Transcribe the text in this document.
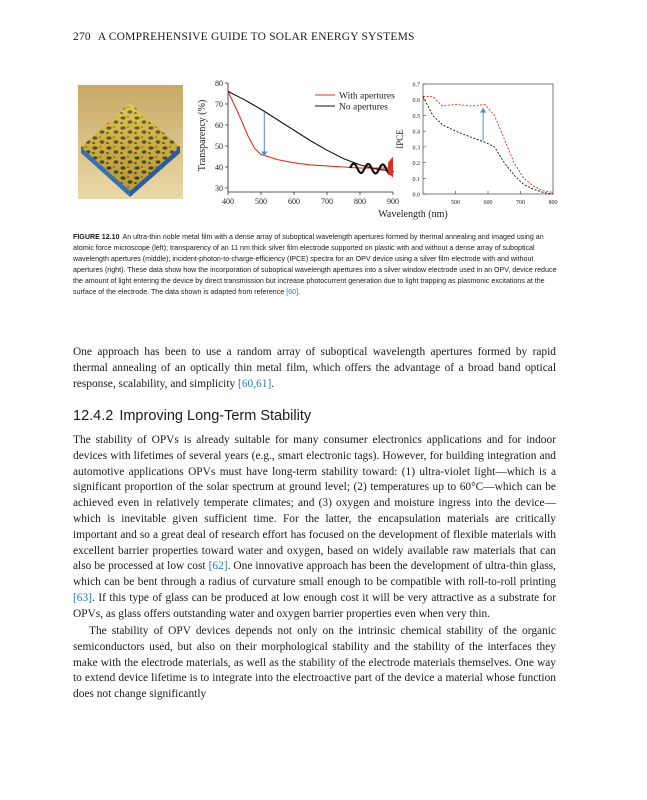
270 A COMPREHENSIVE GUIDE TO SOLAR ENERGY SYSTEMS
30
40
50
60
70
80
400	500	600	700	800	900
Transparency (%)
Wavelength (nm)
With apertures
No apertures
0.0
0.1
0.2
0.3
0.4
0.5
0.6
0.7
500	600	700	800
IPCE
FIGURE 12.10 An ultra-thin noble metal film with a dense array of suboptical wavelength apertures formed by thermal annealing and imaged using an atomic force microscope (left); transparency of an 11 nm thick silver film electrode supported on plastic with and without a dense array of suboptical wavelength apertures (middle); incident-photon-to-charge-efficiency (IPCE) spectra for an OPV device using a silver film electrode with and without apertures (right). These data show how the incorporation of suboptical wavelength apertures into a silver window electrode used in an OPV, device reduce the amount of light entering the device by direct transmission but increase photocurrent generation due to light trapping as plasmonic excitations at the surface of the electrode. The data shown is adapted from reference [60].

One approach has been to use a random array of suboptical wavelength apertures formed by rapid thermal annealing of an optically thin metal film, which offers the advantage of a broad band optical response, scalability, and simplicity [60,61].

12.4.2 Improving Long-Term Stability

The stability of OPVs is already suitable for many consumer electronics applications and for indoor devices with lifetimes of several years (e.g., smart electronic tags). However, for building integration and automotive applications OPVs must have long-term stability toward: (1) ultra-violet light—which is a significant proportion of the solar spectrum at ground level; (2) temperatures up to 60°C—which can be achieved even in relatively temperate climates; and (3) oxygen and moisture ingress into the device—which is inevitable given sufficient time. For the latter, the encapsulation materials are critically important and so a great deal of research effort has focused on the development of flexible materials with excellent barrier properties toward water and oxygen, based on widely available raw materials that can also be processed at low cost [62]. One innovative approach has been the development of ultra-thin glass, which can be bent through a radius of curvature small enough to be compatible with roll-to-roll printing [63]. If this type of glass can be produced at low enough cost it will be very attractive as a substrate for OPVs, as glass offers outstanding water and oxygen barrier properties even when very thin.

The stability of OPV devices depends not only on the intrinsic chemical stability of the organic semiconductors used, but also on their morphological stability and the stability of the interfaces they make with the electrode materials, as well as the stability of the electrode materials themselves. One way to extend device lifetime is to integrate into the electroactive part of the device a material whose function does not change significantly
